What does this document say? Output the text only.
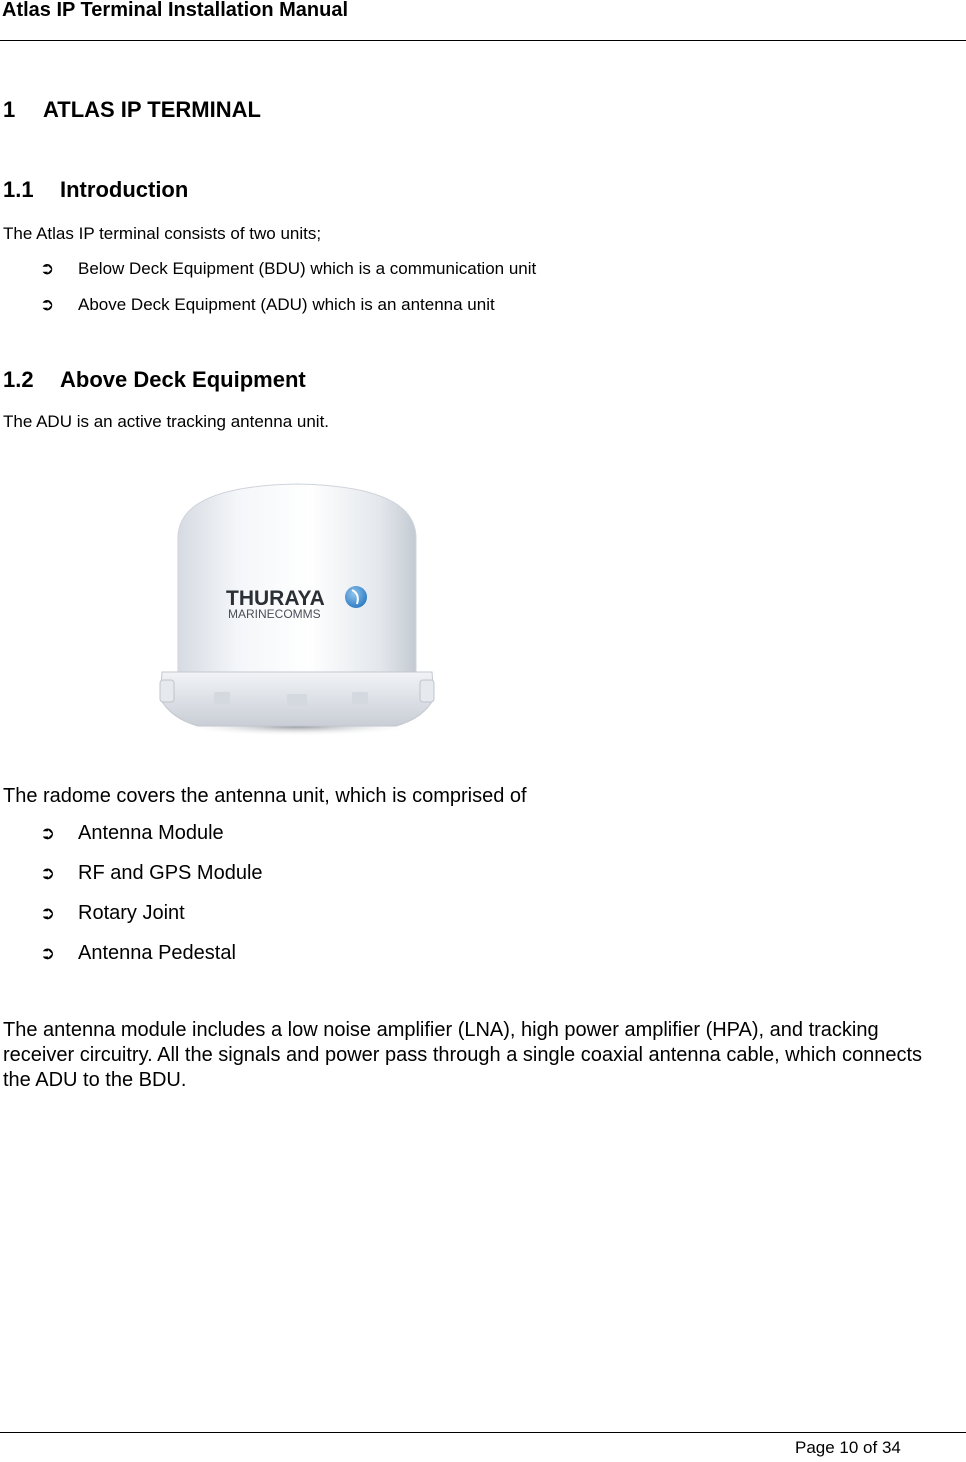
Atlas IP Terminal Installation Manual
1 ATLAS IP TERMINAL
1.1 Introduction
The Atlas IP terminal consists of two units;
➲ Below Deck Equipment (BDU) which is a communication unit
➲ Above Deck Equipment (ADU) which is an antenna unit
1.2 Above Deck Equipment
The ADU is an active tracking antenna unit.
THURAYA
MARINECOMMS
The radome covers the antenna unit, which is comprised of
➲ Antenna Module
➲ RF and GPS Module
➲ Rotary Joint
➲ Antenna Pedestal
The antenna module includes a low noise amplifier (LNA), high power amplifier (HPA), and tracking receiver circuitry. All the signals and power pass through a single coaxial antenna cable, which connects the ADU to the BDU.
Page 10 of 34
